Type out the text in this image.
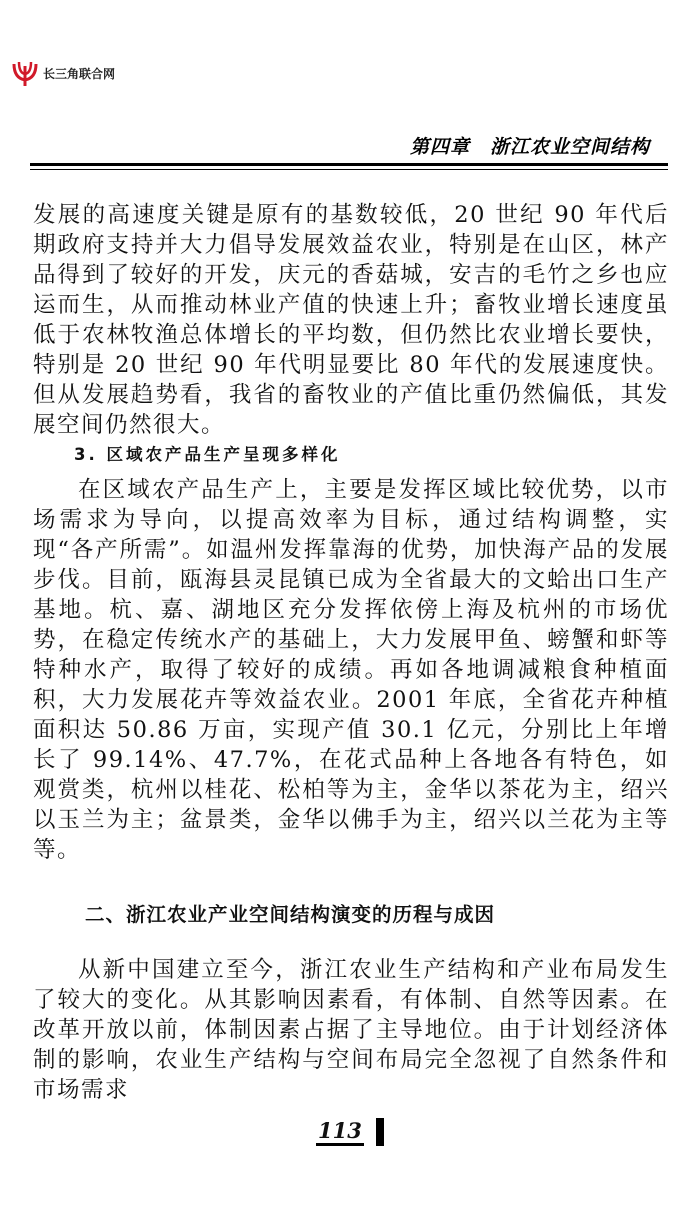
长三角联合网
第四章　浙江农业空间结构

发展的高速度关键是原有的基数较低，20 世纪 90 年代后期政府支持并大力倡导发展效益农业，特别是在山区，林产品得到了较好的开发，庆元的香菇城，安吉的毛竹之乡也应运而生，从而推动林业产值的快速上升；畜牧业增长速度虽低于农林牧渔总体增长的平均数，但仍然比农业增长要快，特别是 20 世纪 90 年代明显要比 80 年代的发展速度快。但从发展趋势看，我省的畜牧业的产值比重仍然偏低，其发展空间仍然很大。

3. 区域农产品生产呈现多样化

在区域农产品生产上，主要是发挥区域比较优势，以市场需求为导向，以提高效率为目标，通过结构调整，实现“各产所需”。如温州发挥靠海的优势，加快海产品的发展步伐。目前，瓯海县灵昆镇已成为全省最大的文蛤出口生产基地。杭、嘉、湖地区充分发挥依傍上海及杭州的市场优势，在稳定传统水产的基础上，大力发展甲鱼、螃蟹和虾等特种水产，取得了较好的成绩。再如各地调减粮食种植面积，大力发展花卉等效益农业。2001 年底，全省花卉种植面积达 50.86 万亩，实现产值 30.1 亿元，分别比上年增长了 99.14%、47.7%，在花式品种上各地各有特色，如观赏类，杭州以桂花、松柏等为主，金华以茶花为主，绍兴以玉兰为主；盆景类，金华以佛手为主，绍兴以兰花为主等等。

二、浙江农业产业空间结构演变的历程与成因

从新中国建立至今，浙江农业生产结构和产业布局发生了较大的变化。从其影响因素看，有体制、自然等因素。在改革开放以前，体制因素占据了主导地位。由于计划经济体制的影响，农业生产结构与空间布局完全忽视了自然条件和市场需求

113
